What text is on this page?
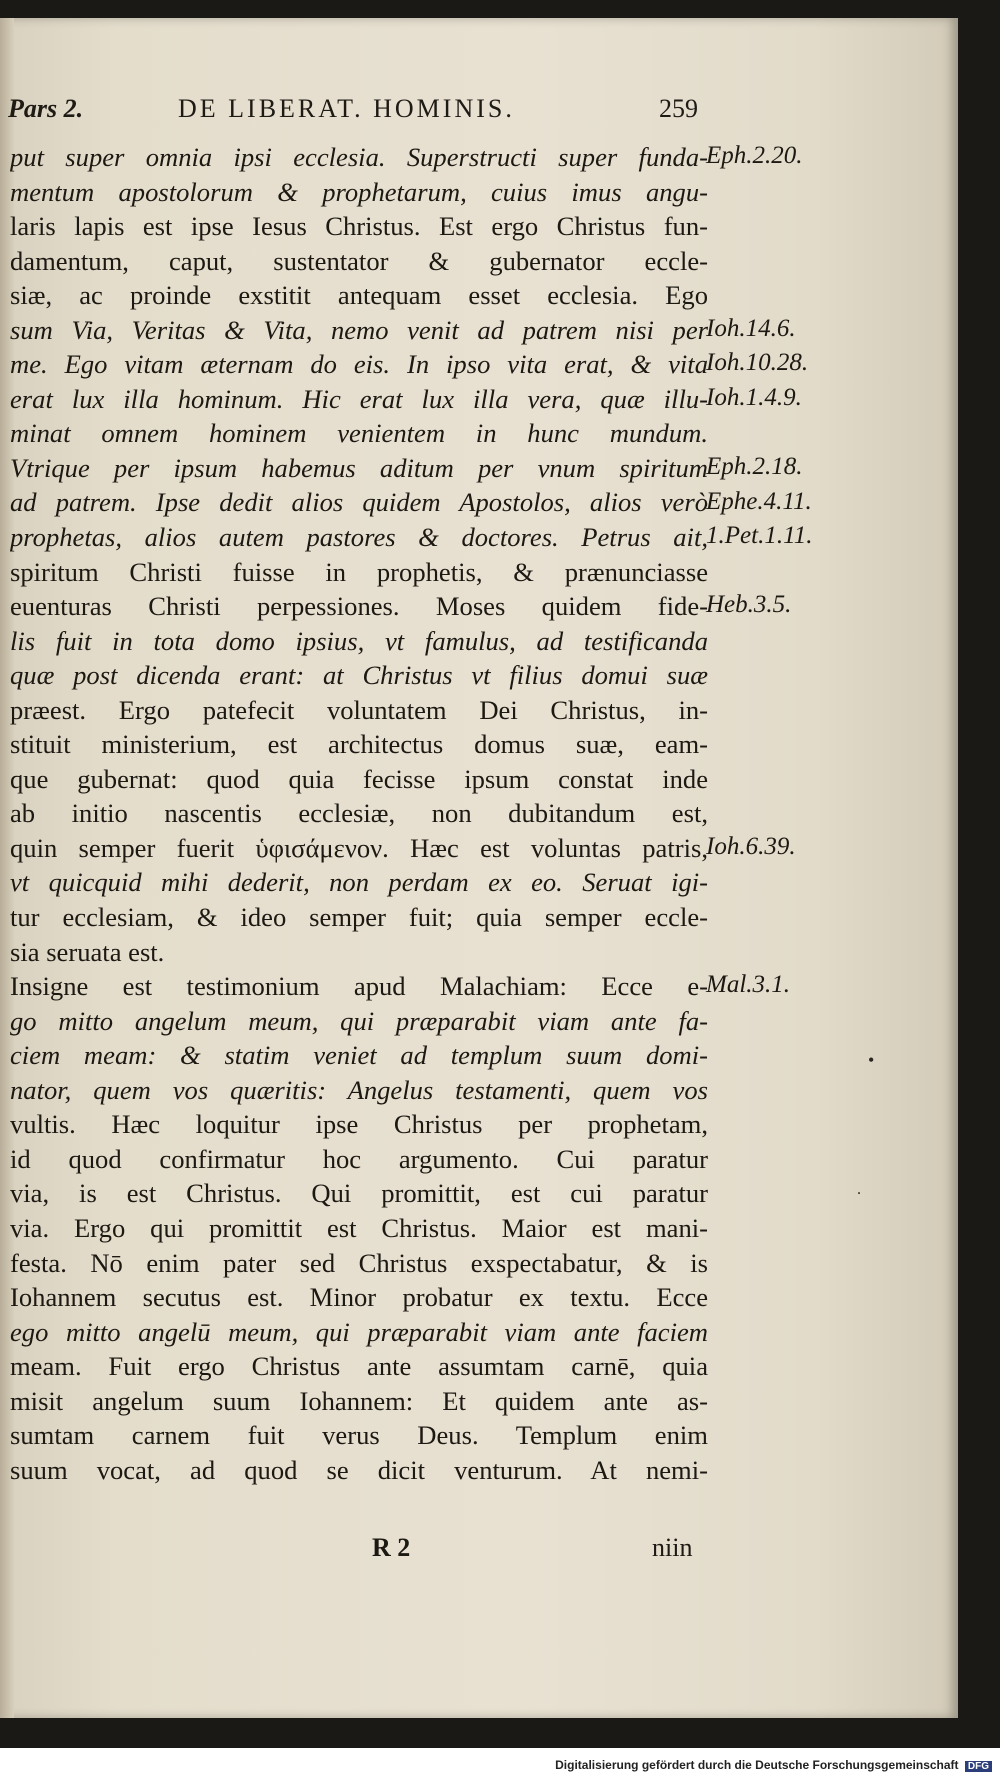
Pars 2.	DE LIBERAT. HOMINIS.	259
put super omnia ipsi ecclesia. Superstructi super funda-
mentum apostolorum & prophetarum, cuius imus angu-
laris lapis est ipse Iesus Christus. Est ergo Christus fun-
damentum, caput, sustentator & gubernator eccle-
siæ, ac proinde exstitit antequam esset ecclesia. Ego
sum Via, Veritas & Vita, nemo venit ad patrem nisi per
me. Ego vitam æternam do eis. In ipso vita erat, & vita
erat lux illa hominum. Hic erat lux illa vera, quæ illu-
minat omnem hominem venientem in hunc mundum.
Vtrique per ipsum habemus aditum per vnum spiritum
ad patrem. Ipse dedit alios quidem Apostolos, alios verò
prophetas, alios autem pastores & doctores. Petrus ait,
spiritum Christi fuisse in prophetis, & prænunciasse
euenturas Christi perpessiones. Moses quidem fide-
lis fuit in tota domo ipsius, vt famulus, ad testificanda
quæ post dicenda erant: at Christus vt filius domui suæ
præest. Ergo patefecit voluntatem Dei Christus, in-
stituit ministerium, est architectus domus suæ, eam-
que gubernat: quod quia fecisse ipsum constat inde
ab initio nascentis ecclesiæ, non dubitandum est,
quin semper fuerit ὑφισάμενον. Hæc est voluntas patris,
vt quicquid mihi dederit, non perdam ex eo. Seruat igi-
tur ecclesiam, & ideo semper fuit; quia semper eccle-
sia seruata est.
Insigne est testimonium apud Malachiam: Ecce e-
go mitto angelum meum, qui præparabit viam ante fa-
ciem meam: & statim veniet ad templum suum domi-
nator, quem vos quæritis: Angelus testamenti, quem vos
vultis. Hæc loquitur ipse Christus per prophetam,
id quod confirmatur hoc argumento. Cui paratur
via, is est Christus. Qui promittit, est cui paratur
via. Ergo qui promittit est Christus. Maior est mani-
festa. Nō enim pater sed Christus exspectabatur, & is
Iohannem secutus est. Minor probatur ex textu. Ecce
ego mitto angelū meum, qui præparabit viam ante faciem
meam. Fuit ergo Christus ante assumtam carnē, quia
misit angelum suum Iohannem: Et quidem ante as-
sumtam carnem fuit verus Deus. Templum enim
suum vocat, ad quod se dicit venturum. At nemi-
Eph.2.20.
Ioh.14.6.
Ioh.10.28.
Ioh.1.4.9.
Eph.2.18.
Ephe.4.11.
1.Pet.1.11.
Heb.3.5.
Ioh.6.39.
Mal.3.1.
R 2	niin
•
˙
Digitalisierung gefördert durch die Deutsche Forschungsgemeinschaft DFG
